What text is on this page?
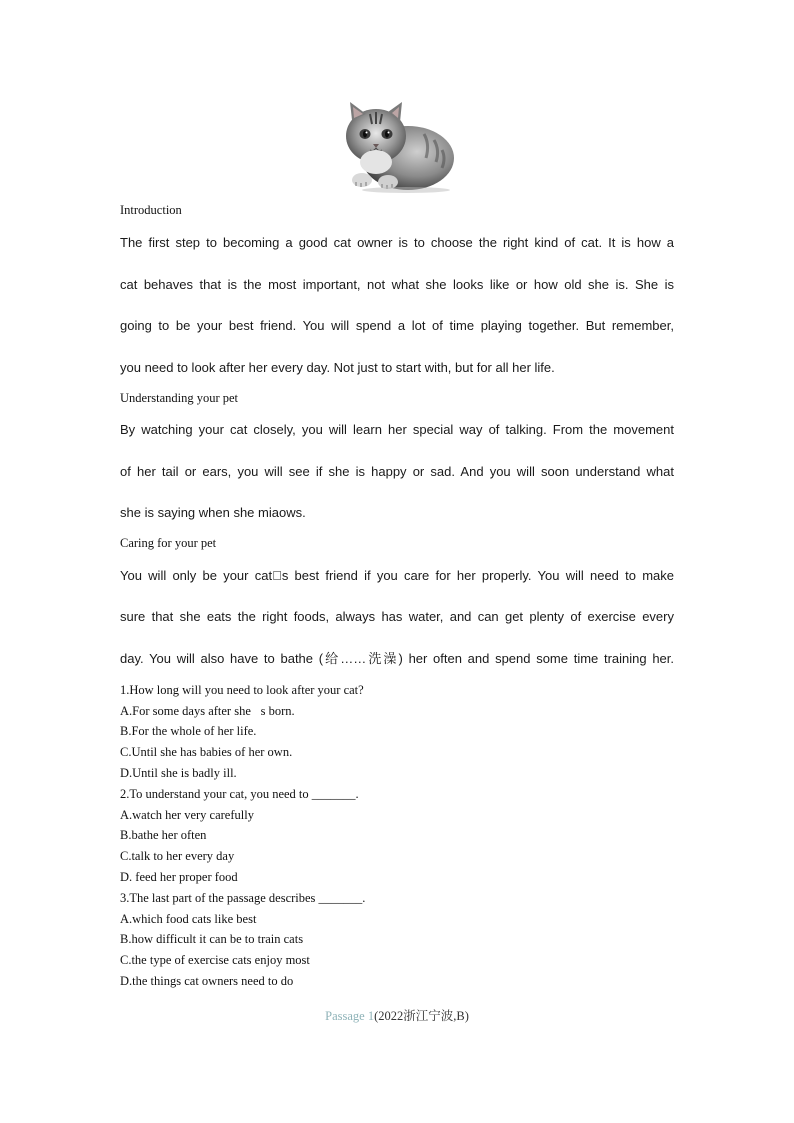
Introduction
The first step to becoming a good cat owner is to choose the right kind of cat. It is how a
cat behaves that is the most important, not what she looks like or how old she is. She is
going to be your best friend. You will spend a lot of time playing together. But remember,
you need to look after her every day. Not just to start with, but for all her life.
Understanding your pet
By watching your cat closely, you will learn her special way of talking. From the movement
of her tail or ears, you will see if she is happy or sad. And you will soon understand what
she is saying when she miaows.
Caring for your pet
You will only be your cat s best friend if you care for her properly. You will need to make
sure that she eats the right foods, always has water, and can get plenty of exercise every
day. You will also have to bathe (给……洗澡) her often and spend some time training her.
1.How long will you need to look after your cat?
A.For some days after she s born.
B.For the whole of her life.
C.Until she has babies of her own.
D.Until she is badly ill.
2.To understand your cat, you need to _______.
A.watch her very carefully
B.bathe her often
C.talk to her every day
D. feed her proper food
3.The last part of the passage describes _______.
A.which food cats like best
B.how difficult it can be to train cats
C.the type of exercise cats enjoy most
D.the things cat owners need to do
Passage 1(2022浙江宁波,B)
